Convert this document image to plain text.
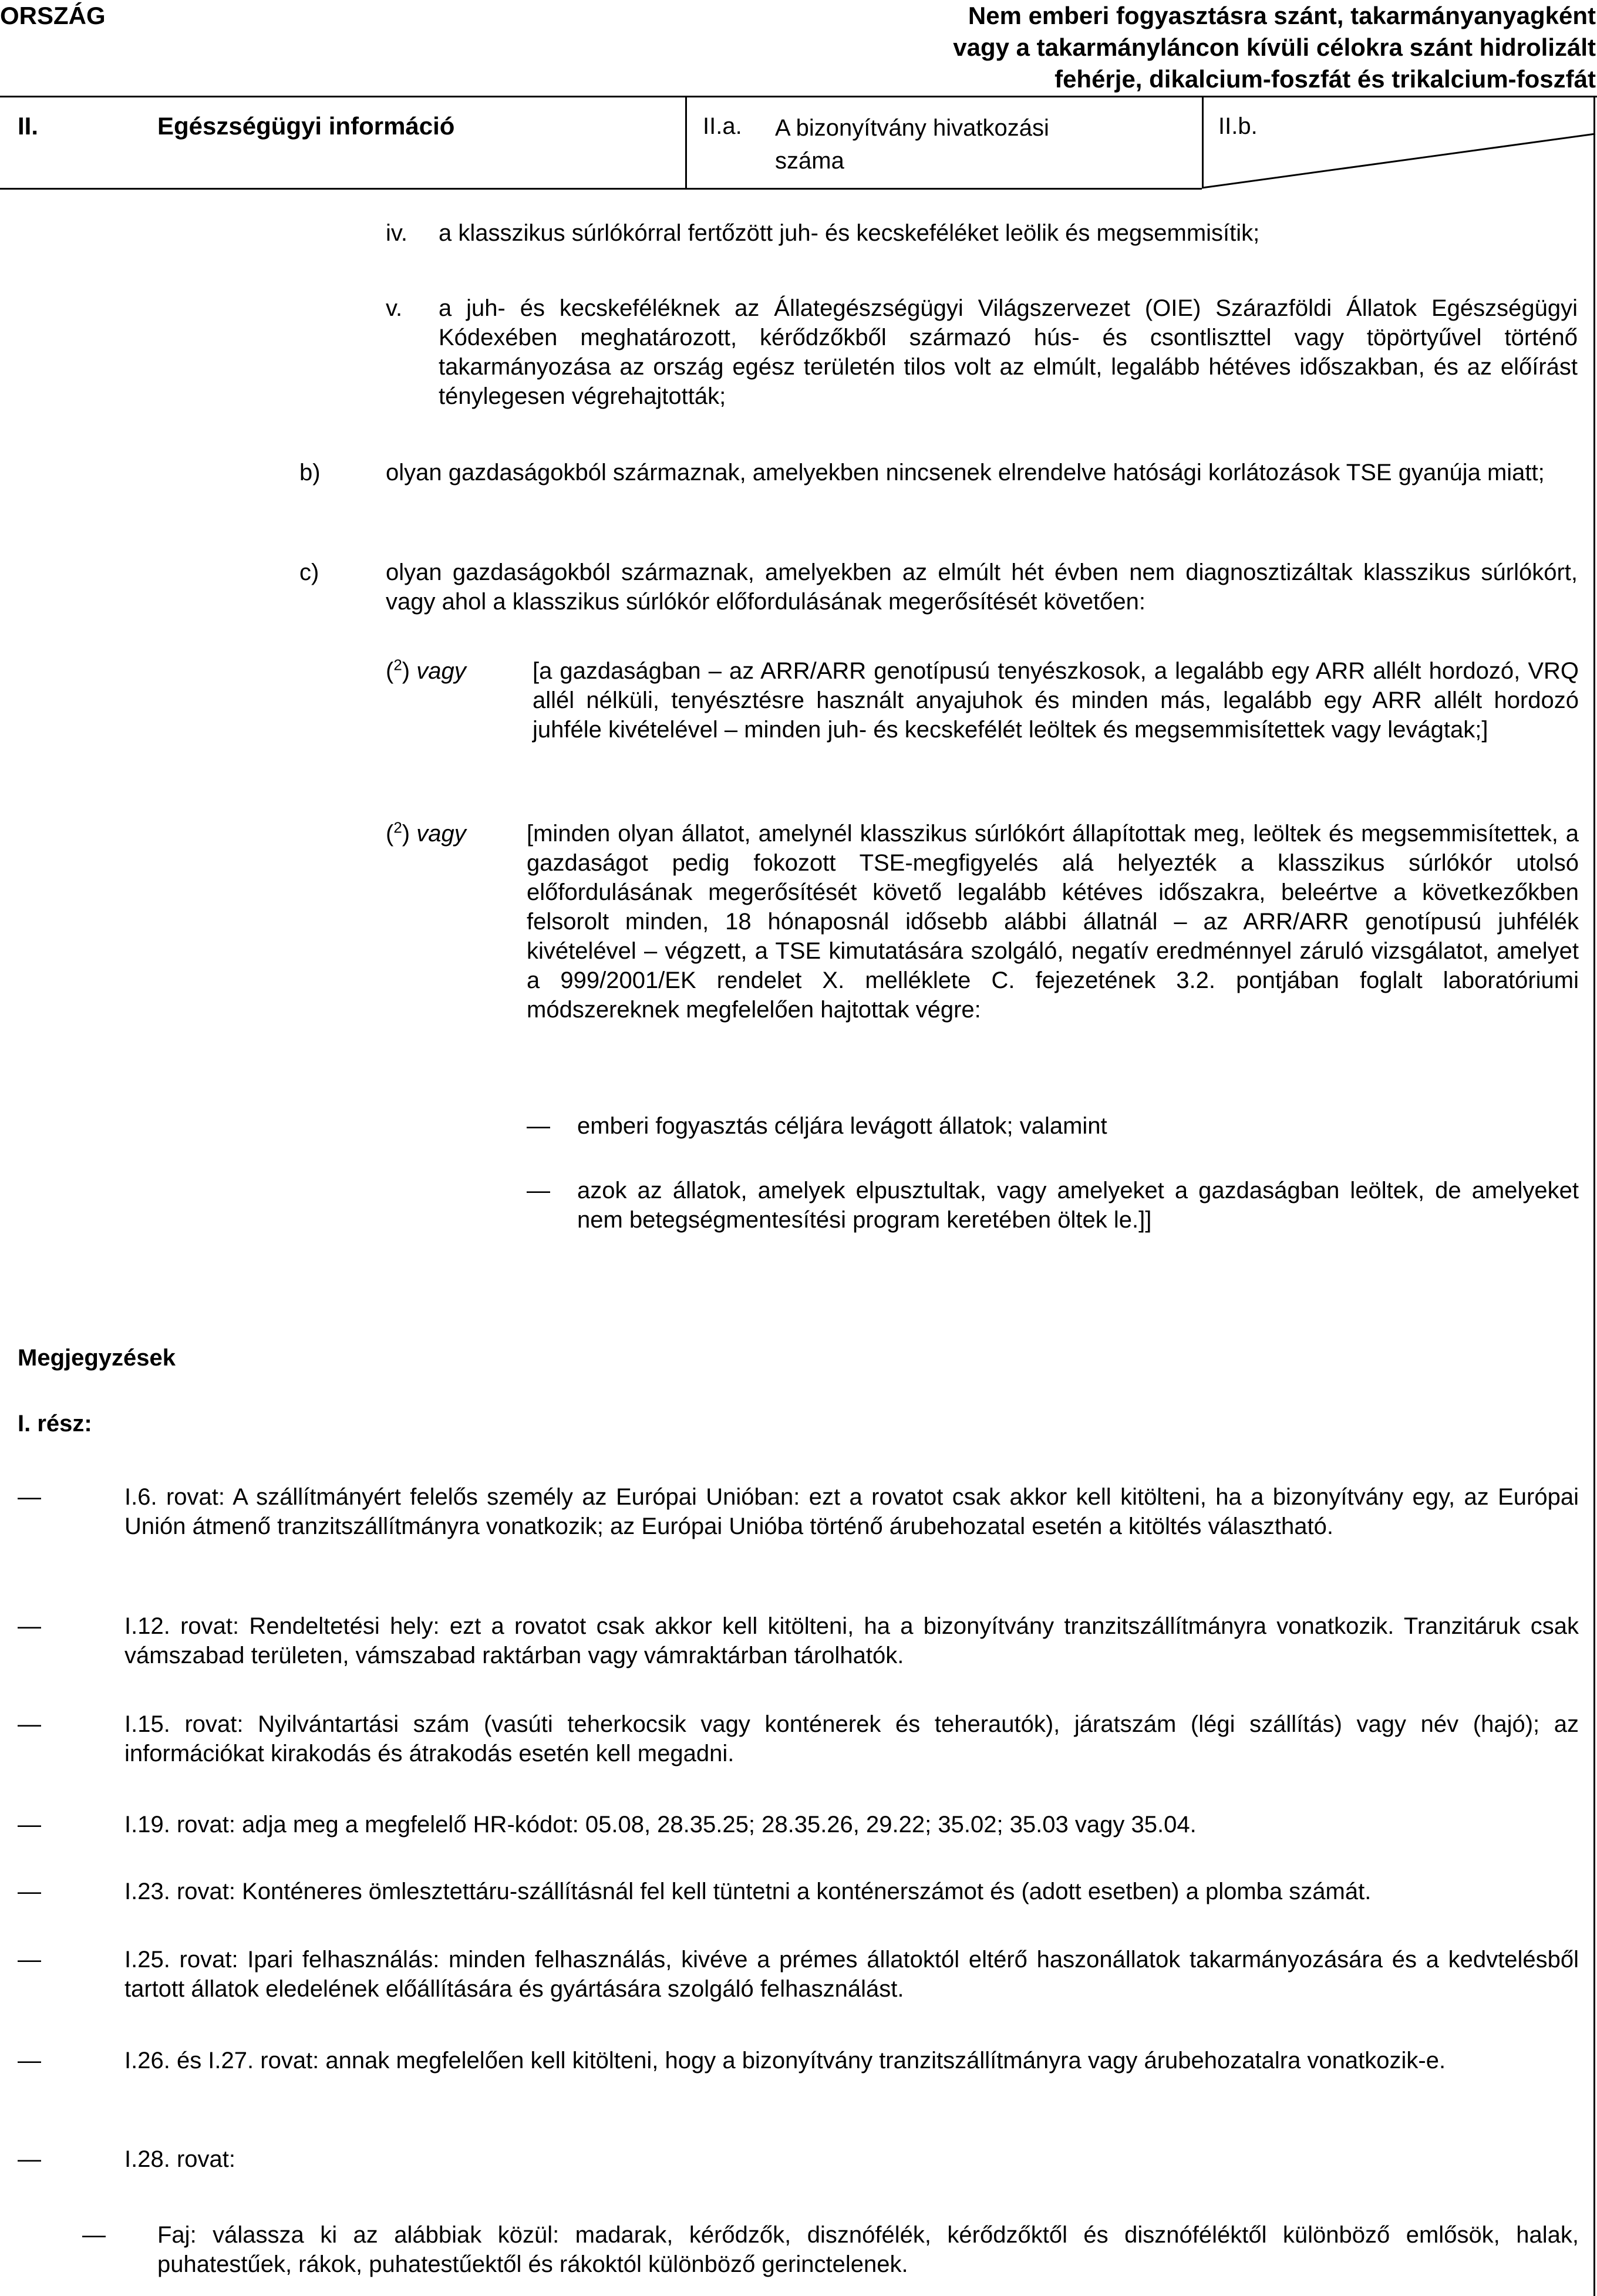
ORSZÁG	Nem emberi fogyasztásra szánt, takarmányanyagként
vagy a takarmányláncon kívüli célokra szánt hidrolizált
fehérje, dikalcium-foszfát és trikalcium-foszfát
II.	Egészségügyi információ	II.a. A bizonyítvány hivatkozási
száma
II.b.
iv. a klasszikus súrlókórral fertőzött juh- és kecskeféléket leölik és megsemmisítik;
v. a juh- és kecskeféléknek az Állategészségügyi Világszervezet (OIE) Szárazföldi Állatok Egészségügyi Kódexében meghatározott, kérődzőkből származó hús- és csontliszttel vagy töpörtyűvel történő takarmányozása az ország egész területén tilos volt az elmúlt, legalább hétéves időszakban, és az előírást ténylegesen végrehajtották;
b)	olyan gazdaságokból származnak, amelyekben nincsenek elrendelve hatósági korlátozások TSE gyanúja miatt;
c)	olyan gazdaságokból származnak, amelyekben az elmúlt hét évben nem diagnosztizáltak klasszikus súrlókórt, vagy ahol a klasszikus súrlókór előfordulásának megerősítését követően:
($^2$) vagy	[a gazdaságban – az ARR/ARR genotípusú tenyészkosok, a legalább egy ARR allélt hordozó, VRQ allél nélküli, tenyésztésre használt anyajuhok és minden más, legalább egy ARR allélt hordozó juhféle kivételével – minden juh- és kecskefélét leöltek és megsemmisítettek vagy levágtak;]
($^2$) vagy	[minden olyan állatot, amelynél klasszikus súrlókórt állapítottak meg, leöltek és megsemmisítettek, a gazdaságot pedig fokozott TSE-megfigyelés alá helyezték a klasszikus súrlókór utolsó előfordulásának megerősítését követő legalább kétéves időszakra, beleértve a következőkben felsorolt minden, 18 hónaposnál idősebb alábbi állatnál – az ARR/ARR genotípusú juhfélék kivételével – végzett, a TSE kimutatására szolgáló, negatív eredménnyel záruló vizsgálatot, amelyet a 999/2001/EK rendelet X. melléklete C. fejezetének 3.2. pontjában foglalt laboratóriumi módszereknek megfelelően hajtottak végre:
— emberi fogyasztás céljára levágott állatok; valamint
— azok az állatok, amelyek elpusztultak, vagy amelyeket a gazdaságban leöltek, de amelyeket nem betegségmentesítési program keretében öltek le.]]
Megjegyzések
I. rész:
—	I.6. rovat: A szállítmányért felelős személy az Európai Unióban: ezt a rovatot csak akkor kell kitölteni, ha a bizonyítvány egy, az Európai Unión átmenő tranzitszállítmányra vonatkozik; az Európai Unióba történő árubehozatal esetén a kitöltés választható.
—	I.12. rovat: Rendeltetési hely: ezt a rovatot csak akkor kell kitölteni, ha a bizonyítvány tranzitszállítmányra vonatkozik. Tranzitáruk csak vámszabad területen, vámszabad raktárban vagy vámraktárban tárolhatók.
—	I.15. rovat: Nyilvántartási szám (vasúti teherkocsik vagy konténerek és teherautók), járatszám (légi szállítás) vagy név (hajó); az információkat kirakodás és átrakodás esetén kell megadni.
—	I.19. rovat: adja meg a megfelelő HR-kódot: 05.08, 28.35.25; 28.35.26, 29.22; 35.02; 35.03 vagy 35.04.
—	I.23. rovat: Konténeres ömlesztettáru-szállításnál fel kell tüntetni a konténerszámot és (adott esetben) a plomba számát.
—	I.25. rovat: Ipari felhasználás: minden felhasználás, kivéve a prémes állatoktól eltérő haszonállatok takarmányozására és a kedvtelésből tartott állatok eledelének előállítására és gyártására szolgáló felhasználást.
—	I.26. és I.27. rovat: annak megfelelően kell kitölteni, hogy a bizonyítvány tranzitszállítmányra vagy árubehozatalra vonatkozik-e.
—	I.28. rovat:
— Faj: válassza ki az alábbiak közül: madarak, kérődzők, disznófélék, kérődzőktől és disznóféléktől különböző emlősök, halak, puhatestűek, rákok, puhatestűektől és rákoktól különböző gerinctelenek.
